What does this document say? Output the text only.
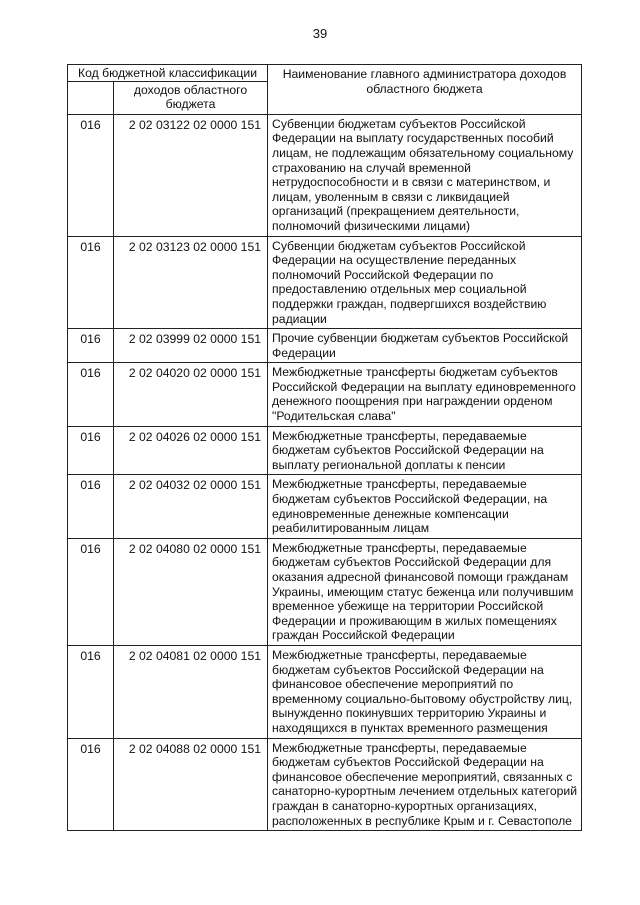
39
Код бюджетной классификации		Наименование главного администратора доходов областного бюджета
	доходов областного бюджета	
016	2 02 03122 02 0000 151	Субвенции бюджетам субъектов Российской Федерации на выплату государственных пособий лицам, не подлежащим обязательному социальному страхованию на случай временной нетрудоспособности и в связи с материнством, и лицам, уволенным в связи с ликвидацией организаций (прекращением деятельности, полномочий физическими лицами)
016	2 02 03123 02 0000 151	Субвенции бюджетам субъектов Российской Федерации на осуществление переданных полномочий Российской Федерации по предоставлению отдельных мер социальной поддержки граждан, подвергшихся воздействию радиации
016	2 02 03999 02 0000 151	Прочие субвенции бюджетам субъектов Российской Федерации
016	2 02 04020 02 0000 151	Межбюджетные трансферты бюджетам субъектов Российской Федерации на выплату единовременного денежного поощрения при награждении орденом "Родительская слава"
016	2 02 04026 02 0000 151	Межбюджетные трансферты, передаваемые бюджетам субъектов Российской Федерации на выплату региональной доплаты к пенсии
016	2 02 04032 02 0000 151	Межбюджетные трансферты, передаваемые бюджетам субъектов Российской Федерации, на единовременные денежные компенсации реабилитированным лицам
016	2 02 04080 02 0000 151	Межбюджетные трансферты, передаваемые бюджетам субъектов Российской Федерации для оказания адресной финансовой помощи гражданам Украины, имеющим статус беженца или получившим временное убежище на территории Российской Федерации и проживающим в жилых помещениях граждан Российской Федерации
016	2 02 04081 02 0000 151	Межбюджетные трансферты, передаваемые бюджетам субъектов Российской Федерации на финансовое обеспечение мероприятий по временному социально-бытовому обустройству лиц, вынужденно покинувших территорию Украины и находящихся в пунктах временного размещения
016	2 02 04088 02 0000 151	Межбюджетные трансферты, передаваемые бюджетам субъектов Российской Федерации на финансовое обеспечение мероприятий, связанных с санаторно-курортным лечением отдельных категорий граждан в санаторно-курортных организациях, расположенных в республике Крым и г. Севастополе
